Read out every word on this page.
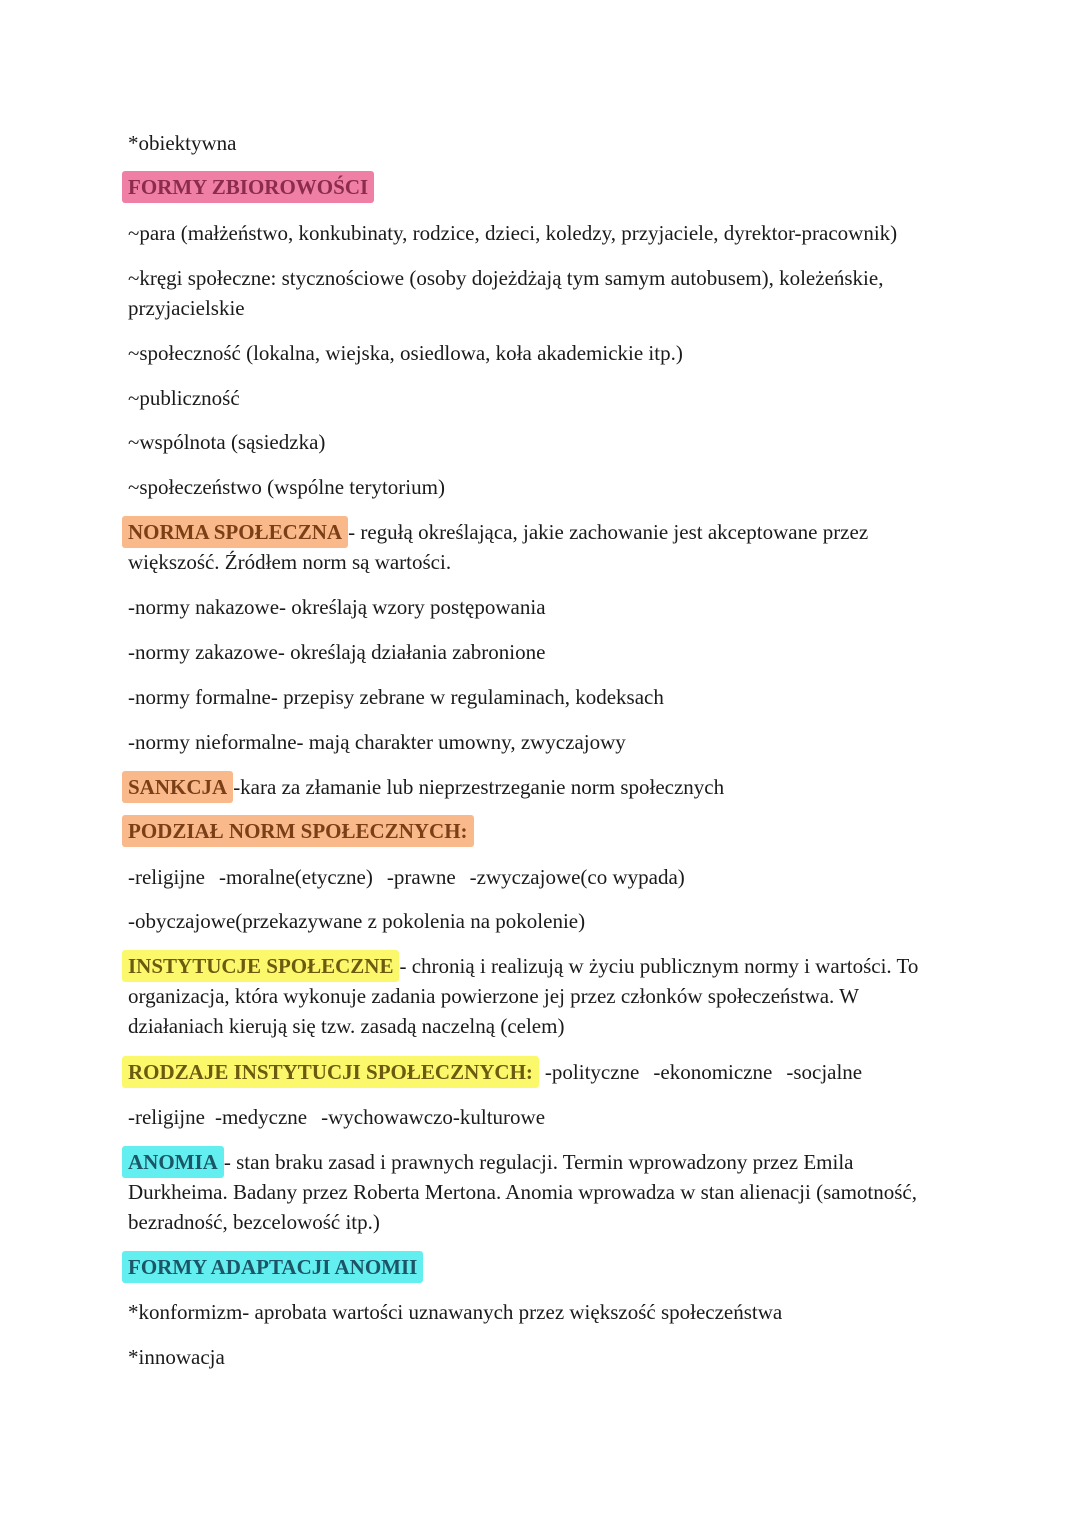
*obiektywna
FORMY ZBIOROWOŚCI
~para (małżeństwo, konkubinaty, rodzice, dzieci, koledzy, przyjaciele, dyrektor-pracownik)
~kręgi społeczne: stycznościowe (osoby dojeżdżają tym samym autobusem), koleżeńskie, przyjacielskie
~społeczność (lokalna, wiejska, osiedlowa, koła akademickie itp.)
~publiczność
~wspólnota (sąsiedzka)
~społeczeństwo (wspólne terytorium)
NORMA SPOŁECZNA - regułą określająca, jakie zachowanie jest akceptowane przez większość. Źródłem norm są wartości.
-normy nakazowe- określają wzory postępowania
-normy zakazowe- określają działania zabronione
-normy formalne- przepisy zebrane w regulaminach, kodeksach
-normy nieformalne- mają charakter umowny, zwyczajowy
SANKCJA -kara za złamanie lub nieprzestrzeganie norm społecznych
PODZIAŁ NORM SPOŁECZNYCH:
-religijne -moralne(etyczne) -prawne -zwyczajowe(co wypada)
-obyczajowe(przekazywane z pokolenia na pokolenie)
INSTYTUCJE SPOŁECZNE - chronią i realizują w życiu publicznym normy i wartości. To organizacja, która wykonuje zadania powierzone jej przez członków społeczeństwa. W działaniach kierują się tzw. zasadą naczelną (celem)
RODZAJE INSTYTUCJI SPOŁECZNYCH: -polityczne -ekonomiczne -socjalne
-religijne -medyczne -wychowawczo-kulturowe
ANOMIA - stan braku zasad i prawnych regulacji. Termin wprowadzony przez Emila Durkheima. Badany przez Roberta Mertona. Anomia wprowadza w stan alienacji (samotność, bezradność, bezcelowość itp.)
FORMY ADAPTACJI ANOMII
*konformizm- aprobata wartości uznawanych przez większość społeczeństwa
*innowacja
